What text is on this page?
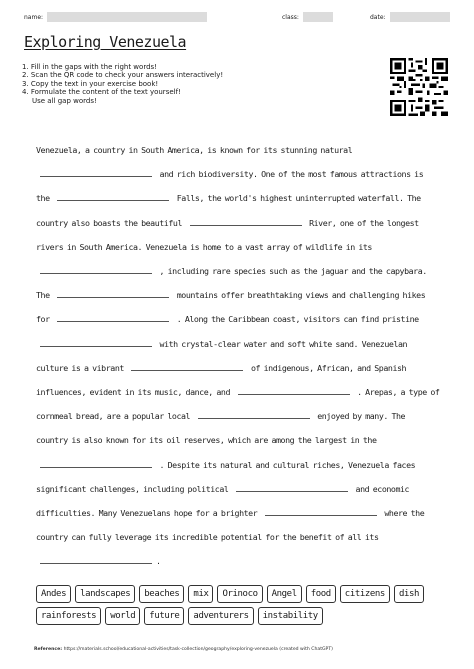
name:	class:	date:
Exploring Venezuela
1. Fill in the gaps with the right words!
2. Scan the QR code to check your answers interactively!
3. Copy the text in your exercise book!
4. Formulate the content of the text yourself!
Use all gap words!
Venezuela, a country in South America, is known for its stunning natural  and rich biodiversity. One of the most famous attractions is the	Falls, the world's highest uninterrupted waterfall. The country also boasts the beautiful	River, one of the longest rivers in South America. Venezuela is home to a vast array of wildlife in its  , including rare species such as the jaguar and the capybara. The	mountains offer breathtaking views and challenging hikes for	. Along the Caribbean coast, visitors can find pristine  with crystal-clear water and soft white sand. Venezuelan culture is a vibrant	of indigenous, African, and Spanish influences, evident in its music, dance, and	. Arepas, a type of cornmeal bread, are a popular local	enjoyed by many. The country is also known for its oil reserves, which are among the largest in the  . Despite its natural and cultural riches, Venezuela faces significant challenges, including political	and economic difficulties. Many Venezuelans hope for a brighter	where the country can fully leverage its incredible potential for the benefit of all its .
Andes	landscapes	beaches	mix	Orinoco	Angel	food	citizens	dish
rainforests	world	future	adventurers	instability
Reference: https://materials.school/educational-activities/task-collection/geography/exploring-venezuela (created with ChatGPT)
